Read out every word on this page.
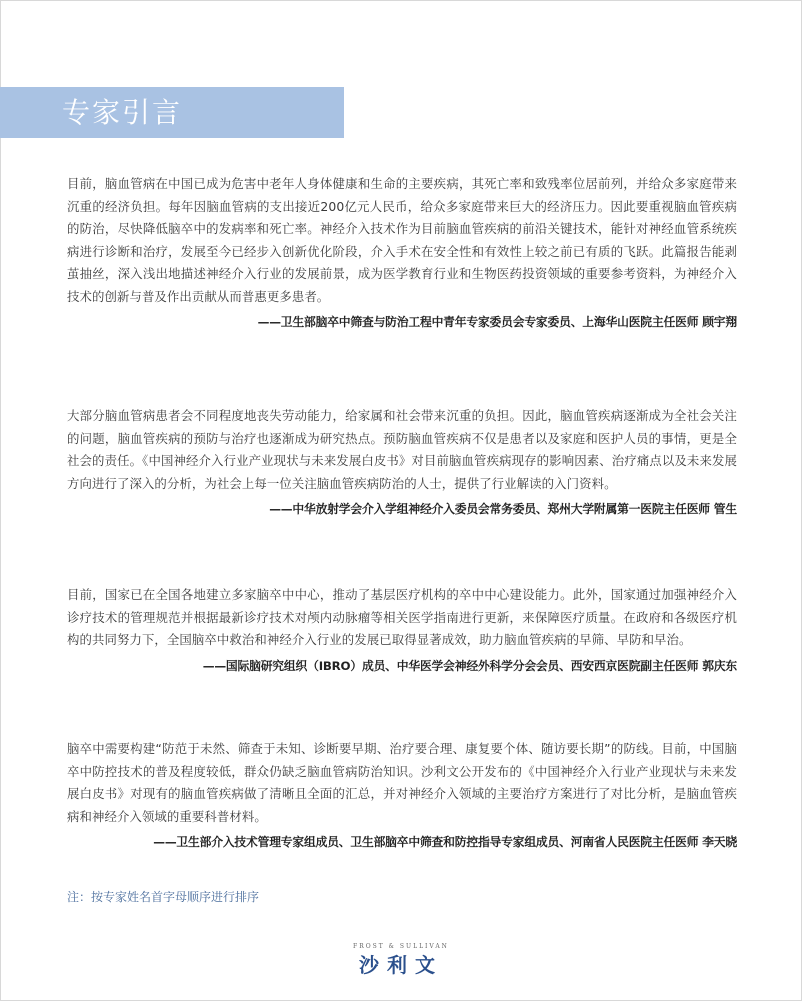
专家引言

目前，脑血管病在中国已成为危害中老年人身体健康和生命的主要疾病，其死亡率和致残率位居前列，并给众多家庭带来沉重的经济负担。每年因脑血管病的支出接近200亿元人民币，给众多家庭带来巨大的经济压力。因此要重视脑血管疾病的防治，尽快降低脑卒中的发病率和死亡率。神经介入技术作为目前脑血管疾病的前沿关键技术，能针对神经血管系统疾病进行诊断和治疗，发展至今已经步入创新优化阶段，介入手术在安全性和有效性上较之前已有质的飞跃。此篇报告能剥茧抽丝，深入浅出地描述神经介入行业的发展前景，成为医学教育行业和生物医药投资领域的重要参考资料，为神经介入技术的创新与普及作出贡献从而普惠更多患者。

——卫生部脑卒中筛查与防治工程中青年专家委员会专家委员、上海华山医院主任医师 顾宇翔

大部分脑血管病患者会不同程度地丧失劳动能力，给家属和社会带来沉重的负担。因此，脑血管疾病逐渐成为全社会关注的问题，脑血管疾病的预防与治疗也逐渐成为研究热点。预防脑血管疾病不仅是患者以及家庭和医护人员的事情，更是全社会的责任。《中国神经介入行业产业现状与未来发展白皮书》对目前脑血管疾病现存的影响因素、治疗痛点以及未来发展方向进行了深入的分析，为社会上每一位关注脑血管疾病防治的人士，提供了行业解读的入门资料。

——中华放射学会介入学组神经介入委员会常务委员、郑州大学附属第一医院主任医师 管生

目前，国家已在全国各地建立多家脑卒中中心，推动了基层医疗机构的卒中中心建设能力。此外，国家通过加强神经介入诊疗技术的管理规范并根据最新诊疗技术对颅内动脉瘤等相关医学指南进行更新，来保障医疗质量。在政府和各级医疗机构的共同努力下，全国脑卒中救治和神经介入行业的发展已取得显著成效，助力脑血管疾病的早筛、早防和早治。

——国际脑研究组织（IBRO）成员、中华医学会神经外科学分会会员、西安西京医院副主任医师 郭庆东

脑卒中需要构建“防范于未然、筛查于未知、诊断要早期、治疗要合理、康复要个体、随访要长期”的防线。目前，中国脑卒中防控技术的普及程度较低，群众仍缺乏脑血管病防治知识。沙利文公开发布的《中国神经介入行业产业现状与未来发展白皮书》对现有的脑血管疾病做了清晰且全面的汇总，并对神经介入领域的主要治疗方案进行了对比分析，是脑血管疾病和神经介入领域的重要科普材料。

——卫生部介入技术管理专家组成员、卫生部脑卒中筛查和防控指导专家组成员、河南省人民医院主任医师 李天晓
注：按专家姓名首字母顺序进行排序
FROST & SULLIVAN
沙利文
